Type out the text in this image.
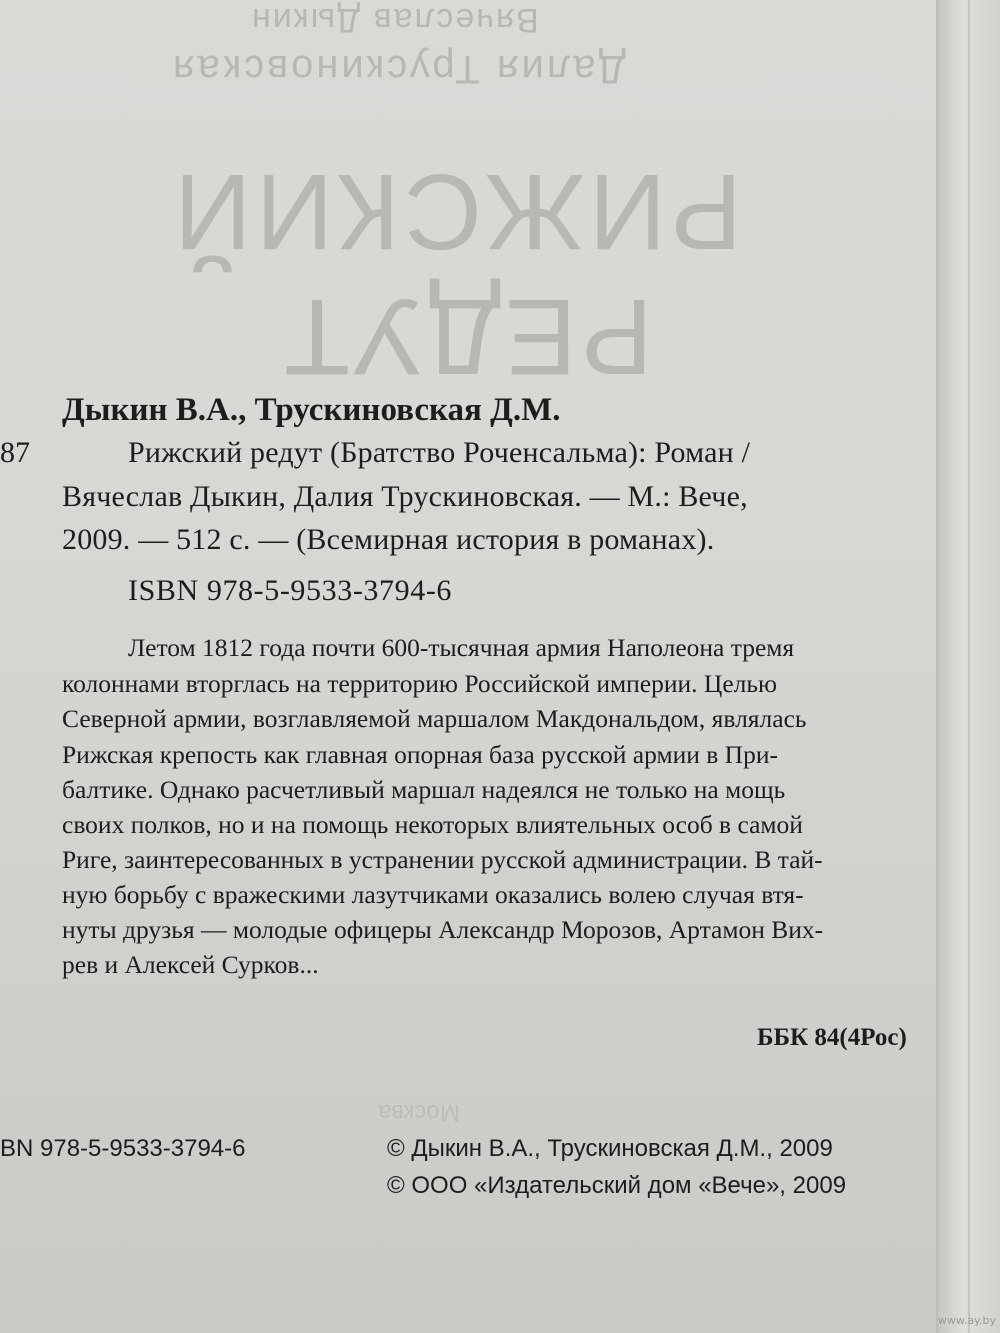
Вячеслав Дыкин
Далия Трускиновская
РИЖСКИЙ
РЕДУТ
Москва
Дыкин В.А., Трускиновская Д.М.
87	Рижский редут (Братство Роченсальма): Роман /
Вячеслав Дыкин, Далия Трускиновская. — М.: Вече,
2009. — 512 с. — (Всемирная история в романах).
ISBN 978-5-9533-3794-6
Летом 1812 года почти 600-тысячная армия Наполеона тремя
колоннами вторглась на территорию Российской империи. Целью
Северной армии, возглавляемой маршалом Макдональдом, являлась
Рижская крепость как главная опорная база русской армии в При-
балтике. Однако расчетливый маршал надеялся не только на мощь
своих полков, но и на помощь некоторых влиятельных особ в самой
Риге, заинтересованных в устранении русской администрации. В тай-
ную борьбу с вражескими лазутчиками оказались волею случая втя-
нуты друзья — молодые офицеры Александр Морозов, Артамон Вих-
рев и Алексей Сурков...
ББК 84(4Рос)
BN 978-5-9533-3794-6	© Дыкин В.А., Трускиновская Д.М., 2009
© ООО «Издательский дом «Вече», 2009
www.ay.by
